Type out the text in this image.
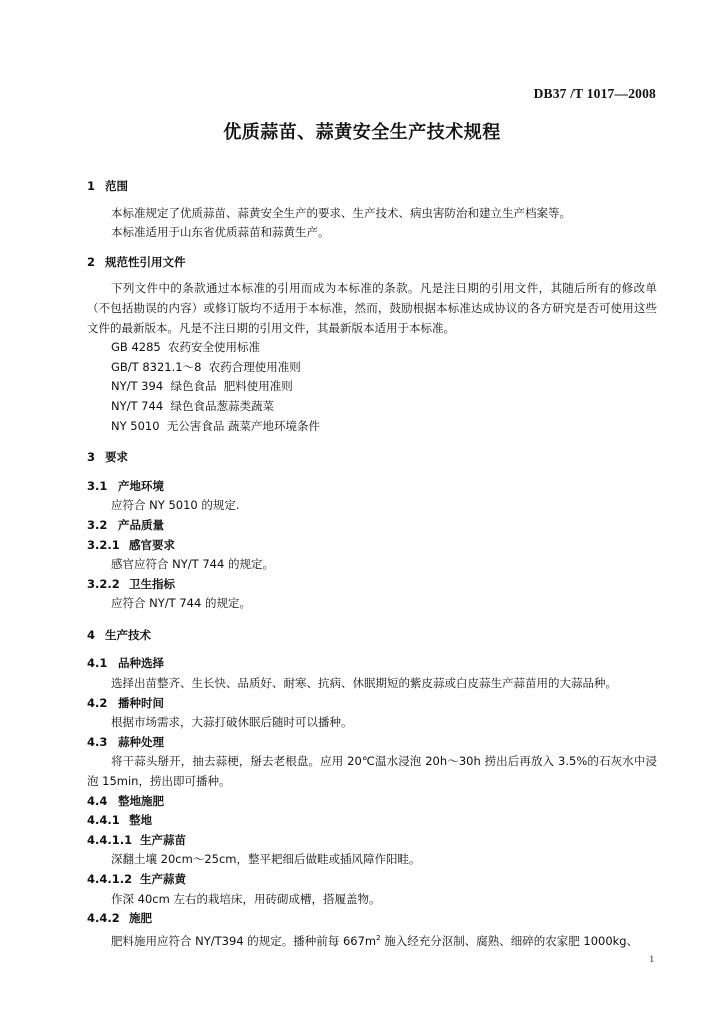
DB37 /T 1017—2008
优质蒜苗、蒜黄安全生产技术规程
1 范围
本标准规定了优质蒜苗、蒜黄安全生产的要求、生产技术、病虫害防治和建立生产档案等。
本标准适用于山东省优质蒜苗和蒜黄生产。
2 规范性引用文件
下列文件中的条款通过本标准的引用而成为本标准的条款。凡是注日期的引用文件，其随后所有的修改单（不包括勘误的内容）或修订版均不适用于本标准，然而，鼓励根据本标准达成协议的各方研究是否可使用这些文件的最新版本。凡是不注日期的引用文件，其最新版本适用于本标准。
GB 4285  农药安全使用标准
GB/T 8321.1～8  农药合理使用准则
NY/T 394  绿色食品  肥料使用准则
NY/T 744  绿色食品葱蒜类蔬菜
NY 5010  无公害食品 蔬菜产地环境条件
3 要求
3.1 产地环境
应符合 NY 5010 的规定.
3.2 产品质量
3.2.1 感官要求
感官应符合 NY/T 744 的规定。
3.2.2 卫生指标
应符合 NY/T 744 的规定。
4 生产技术
4.1 品种选择
选择出苗整齐、生长快、品质好、耐寒、抗病、休眠期短的紫皮蒜或白皮蒜生产蒜苗用的大蒜品种。
4.2 播种时间
根据市场需求，大蒜打破休眠后随时可以播种。
4.3 蒜种处理
将干蒜头掰开，抽去蒜梗，掰去老根盘。应用 20℃温水浸泡 20h～30h 捞出后再放入 3.5%的石灰水中浸泡 15min，捞出即可播种。
4.4 整地施肥
4.4.1 整地
4.4.1.1 生产蒜苗
深翻土壤 20cm～25cm，整平耙细后做畦或插风障作阳畦。
4.4.1.2 生产蒜黄
作深 40cm 左右的栽培床，用砖砌成槽，搭履盖物。
4.4.2 施肥
肥料施用应符合 NY/T394 的规定。播种前每 $667m^2$ 施入经充分沤制、腐熟、细碎的农家肥 1000kg、
1
